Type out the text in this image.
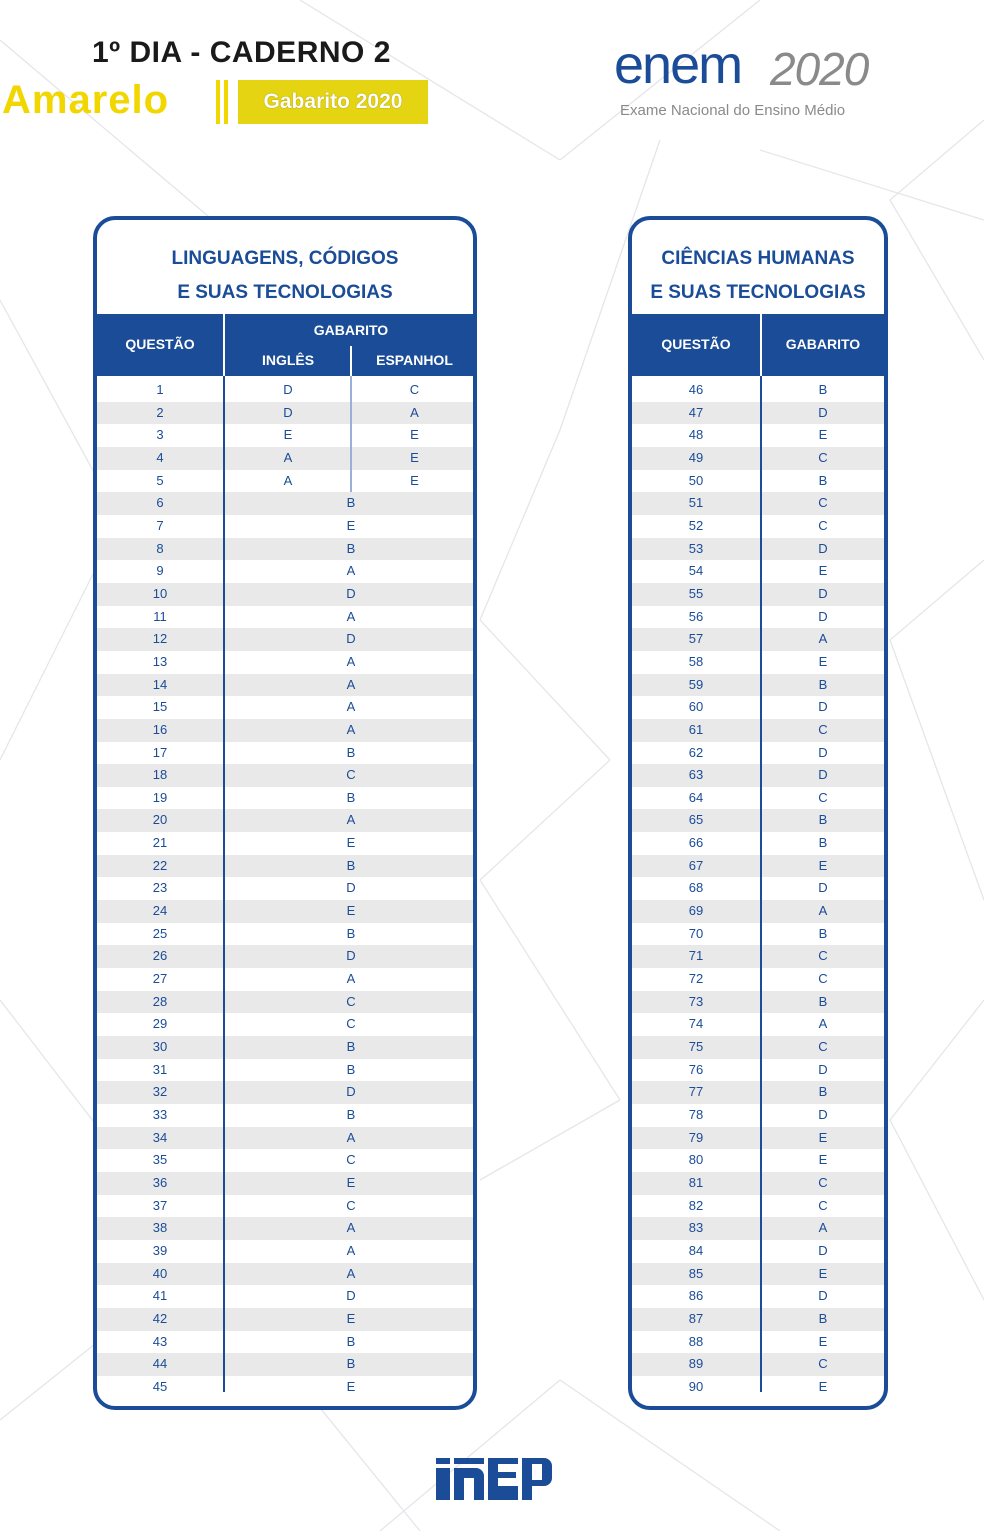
1º DIA - CADERNO 2
Amarelo	Gabarito 2020
enem 2020
Exame Nacional do Ensino Médio
LINGUAGENS, CÓDIGOS
E SUAS TECNOLOGIAS
QUESTÃO
GABARITO
INGLÊS	ESPANHOL
1	D	C
2	D	A
3	E	E
4	A	E
5	A	E
6	B
7	E
8	B
9	A
10	D
11	A
12	D
13	A
14	A
15	A
16	A
17	B
18	C
19	B
20	A
21	E
22	B
23	D
24	E
25	B
26	D
27	A
28	C
29	C
30	B
31	B
32	D
33	B
34	A
35	C
36	E
37	C
38	A
39	A
40	A
41	D
42	E
43	B
44	B
45	E
CIÊNCIAS HUMANAS
E SUAS TECNOLOGIAS
QUESTÃO	GABARITO
46	B
47	D
48	E
49	C
50	B
51	C
52	C
53	D
54	E
55	D
56	D
57	A
58	E
59	B
60	D
61	C
62	D
63	D
64	C
65	B
66	B
67	E
68	D
69	A
70	B
71	C
72	C
73	B
74	A
75	C
76	D
77	B
78	D
79	E
80	E
81	C
82	C
83	A
84	D
85	E
86	D
87	B
88	E
89	C
90	E
